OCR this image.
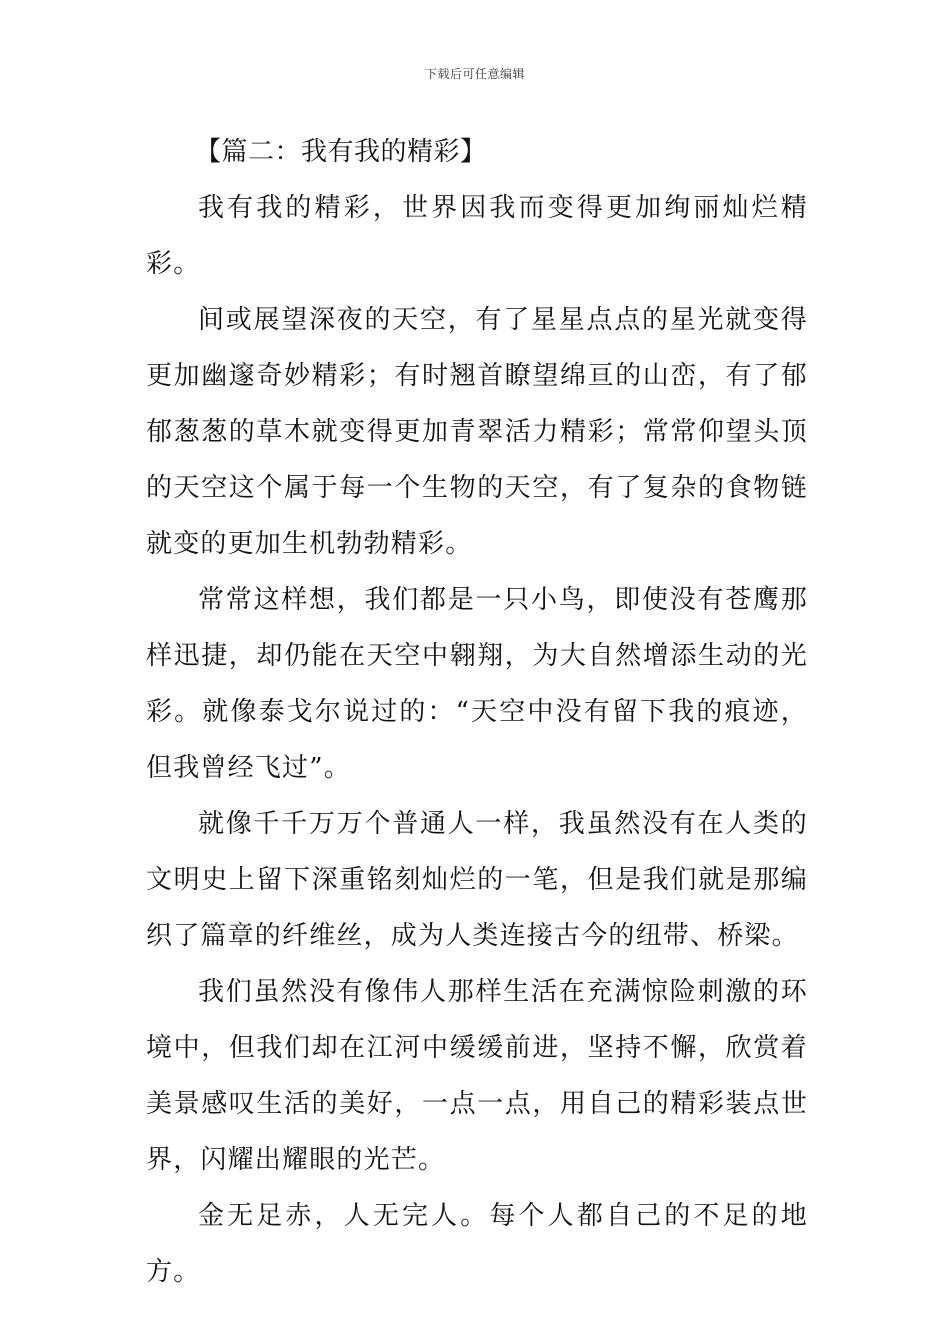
下载后可任意编辑
【篇二：我有我的精彩】

我有我的精彩，世界因我而变得更加绚丽灿烂精彩。

间或展望深夜的天空，有了星星点点的星光就变得更加幽邃奇妙精彩；有时翘首瞭望绵亘的山峦，有了郁郁葱葱的草木就变得更加青翠活力精彩；常常仰望头顶的天空这个属于每一个生物的天空，有了复杂的食物链就变的更加生机勃勃精彩。

常常这样想，我们都是一只小鸟，即使没有苍鹰那样迅捷，却仍能在天空中翱翔，为大自然增添生动的光彩。就像泰戈尔说过的：“天空中没有留下我的痕迹，但我曾经飞过”。

就像千千万万个普通人一样，我虽然没有在人类的文明史上留下深重铭刻灿烂的一笔，但是我们就是那编织了篇章的纤维丝，成为人类连接古今的纽带、桥梁。

我们虽然没有像伟人那样生活在充满惊险刺激的环境中，但我们却在江河中缓缓前进，坚持不懈，欣赏着美景感叹生活的美好，一点一点，用自己的精彩装点世界，闪耀出耀眼的光芒。

金无足赤，人无完人。每个人都自己的不足的地方。
